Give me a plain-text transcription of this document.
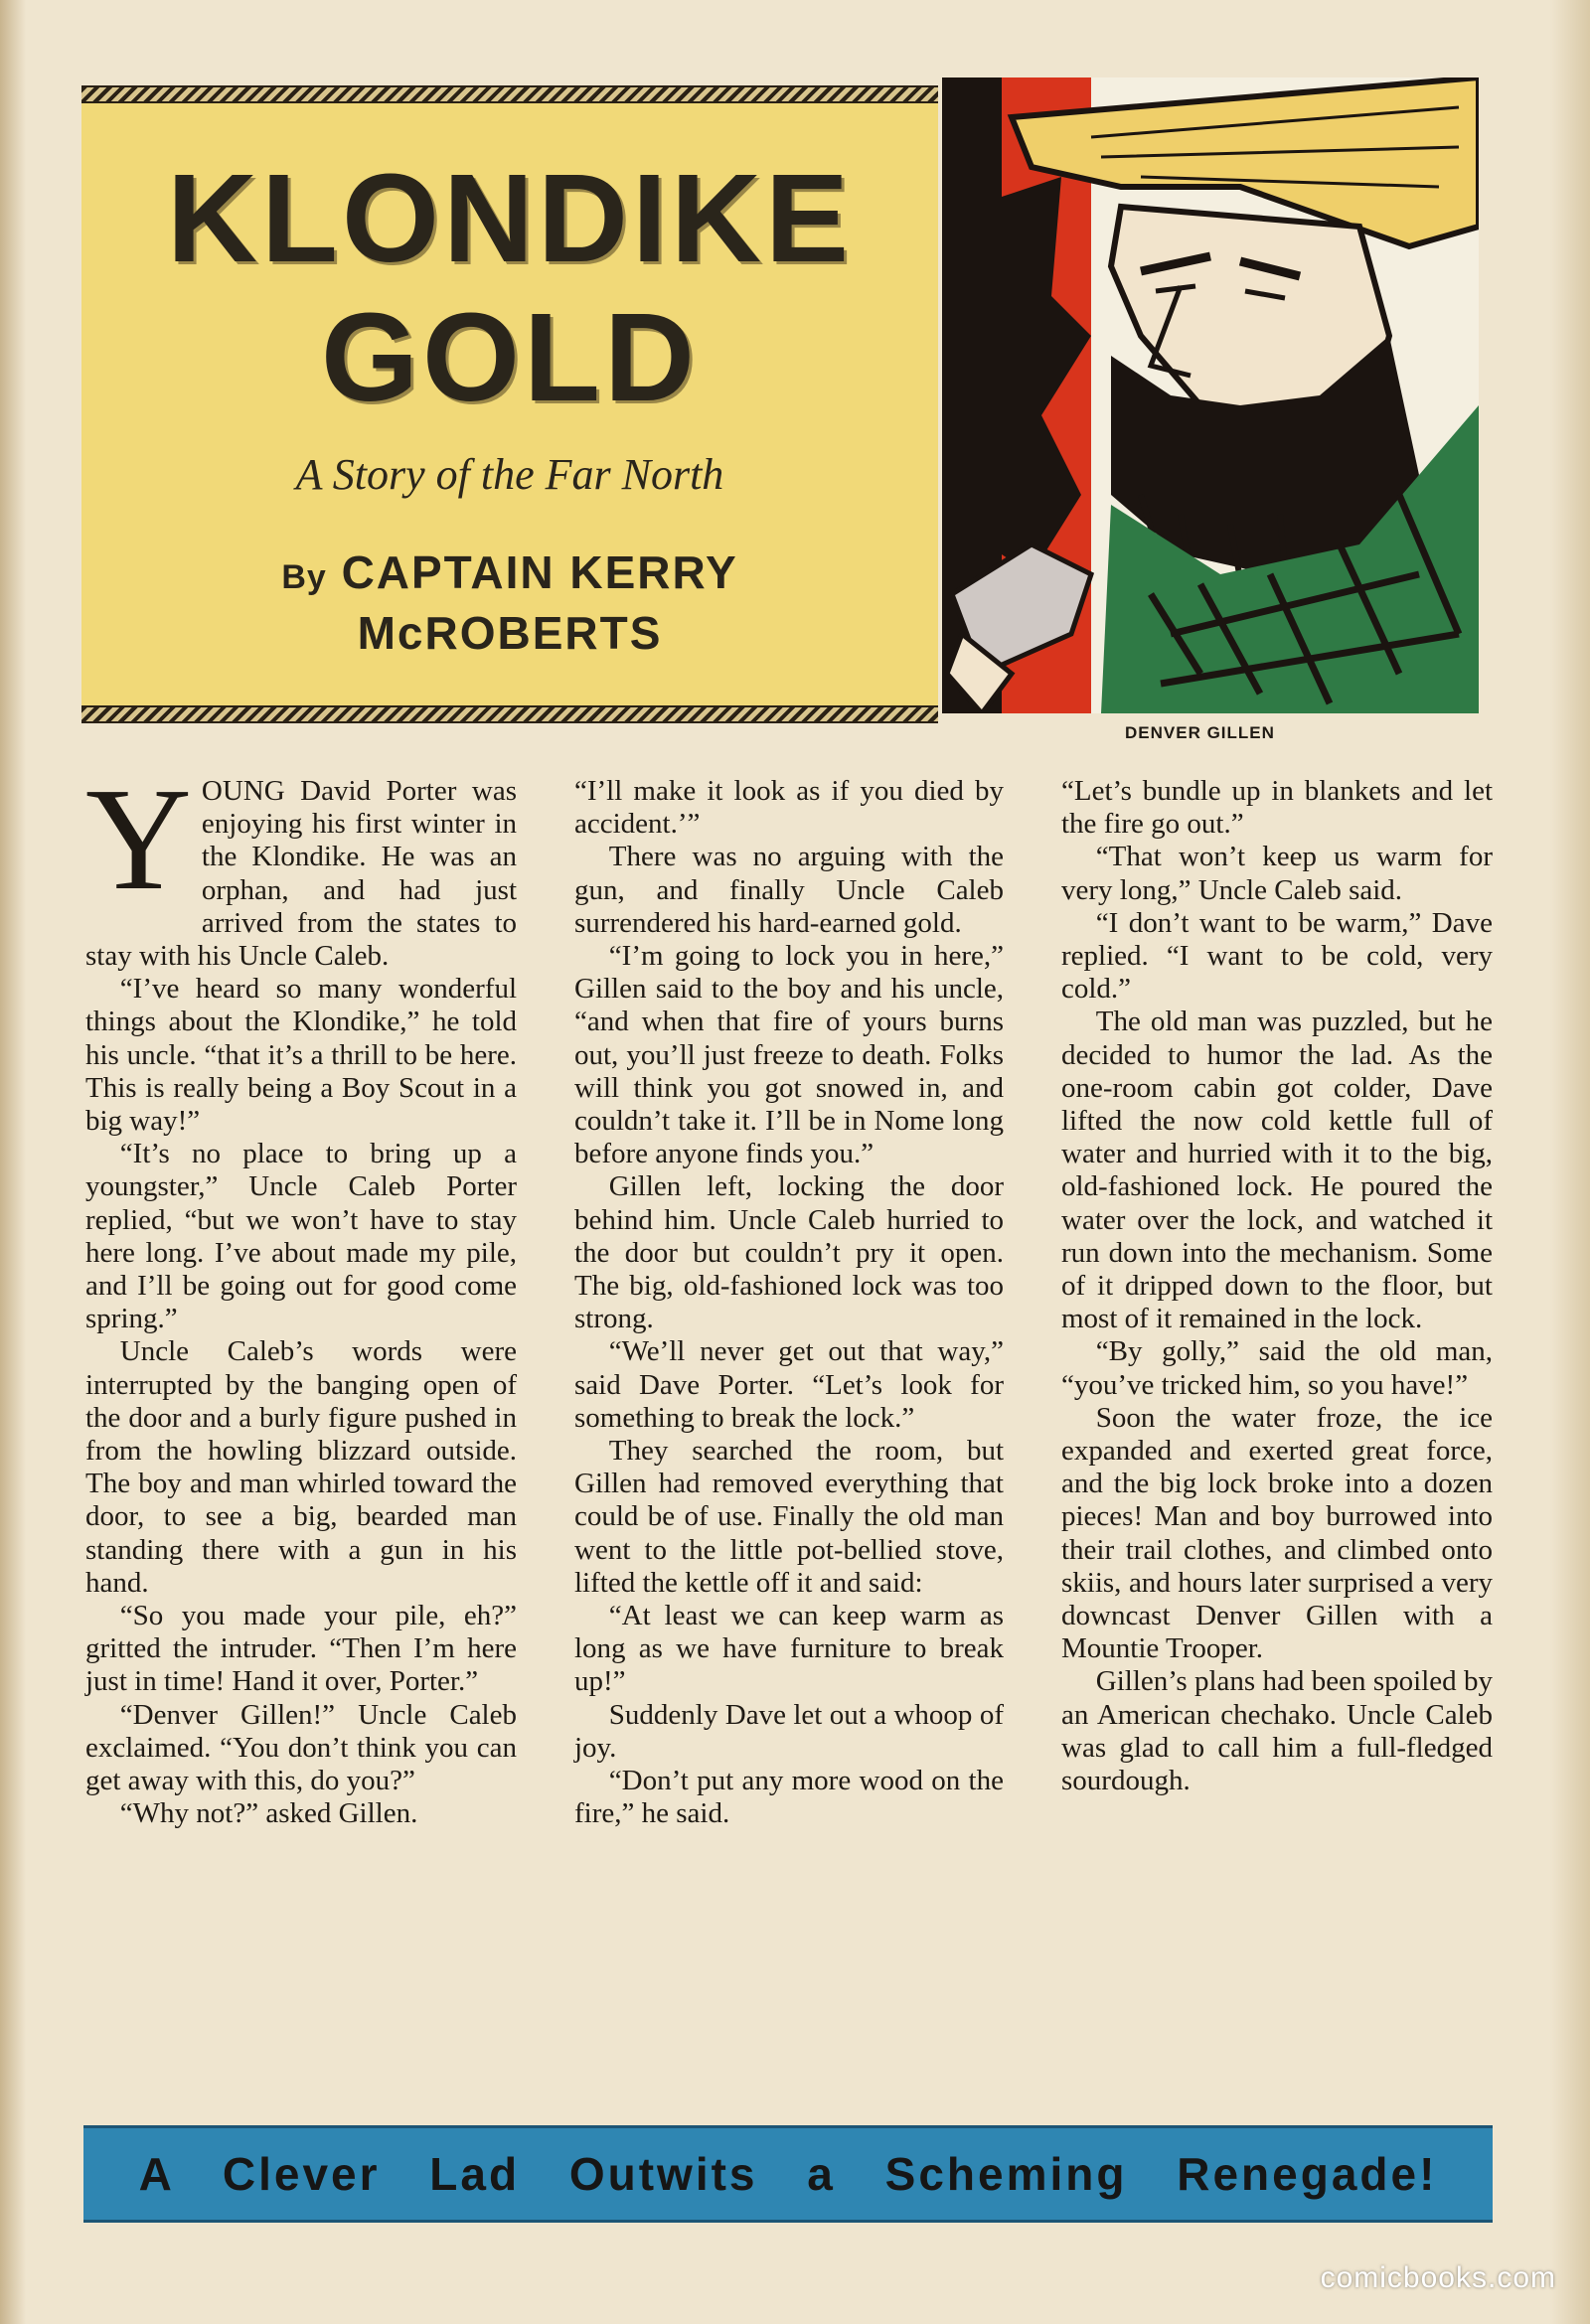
KLONDIKE
GOLD
A Story of the Far North
By CAPTAIN KERRY
McROBERTS
DENVER GILLEN

YOUNG David Porter was enjoying his first winter in the Klondike. He was an orphan, and had just arrived from the states to stay with his Uncle Caleb.

“I’ve heard so many wonderful things about the Klondike,” he told his uncle. “that it’s a thrill to be here. This is really being a Boy Scout in a big way!”

“It’s no place to bring up a youngster,” Uncle Caleb Porter replied, “but we won’t have to stay here long. I’ve about made my pile, and I’ll be going out for good come spring.”

Uncle Caleb’s words were interrupted by the banging open of the door and a burly figure pushed in from the howling blizzard outside. The boy and man whirled toward the door, to see a big, bearded man standing there with a gun in his hand.

“So you made your pile, eh?” gritted the intruder. “Then I’m here just in time! Hand it over, Porter.”

“Denver Gillen!” Uncle Caleb exclaimed. “You don’t think you can get away with this, do you?”

“Why not?” asked Gillen.

“I’ll make it look as if you died by accident.’”

There was no arguing with the gun, and finally Uncle Caleb surrendered his hard-earned gold.

“I’m going to lock you in here,” Gillen said to the boy and his uncle, “and when that fire of yours burns out, you’ll just freeze to death. Folks will think you got snowed in, and couldn’t take it. I’ll be in Nome long before anyone finds you.”

Gillen left, locking the door behind him. Uncle Caleb hurried to the door but couldn’t pry it open. The big, old-fashioned lock was too strong.

“We’ll never get out that way,” said Dave Porter. “Let’s look for something to break the lock.”

They searched the room, but Gillen had removed everything that could be of use. Finally the old man went to the little pot-bellied stove, lifted the kettle off it and said:

“At least we can keep warm as long as we have furniture to break up!”

Suddenly Dave let out a whoop of joy.

“Don’t put any more wood on the fire,” he said.

“Let’s bundle up in blankets and let the fire go out.”

“That won’t keep us warm for very long,” Uncle Caleb said.

“I don’t want to be warm,” Dave replied. “I want to be cold, very cold.”

The old man was puzzled, but he decided to humor the lad. As the one-room cabin got colder, Dave lifted the now cold kettle full of water and hurried with it to the big, old-fashioned lock. He poured the water over the lock, and watched it run down into the mechanism. Some of it dripped down to the floor, but most of it remained in the lock.

“By golly,” said the old man, “you’ve tricked him, so you have!”

Soon the water froze, the ice expanded and exerted great force, and the big lock broke into a dozen pieces! Man and boy burrowed into their trail clothes, and climbed onto skiis, and hours later surprised a very downcast Denver Gillen with a Mountie Trooper.

Gillen’s plans had been spoiled by an American chechako. Uncle Caleb was glad to call him a full-fledged sourdough.

A Clever Lad Outwits a Scheming Renegade!
comicbooks.com
